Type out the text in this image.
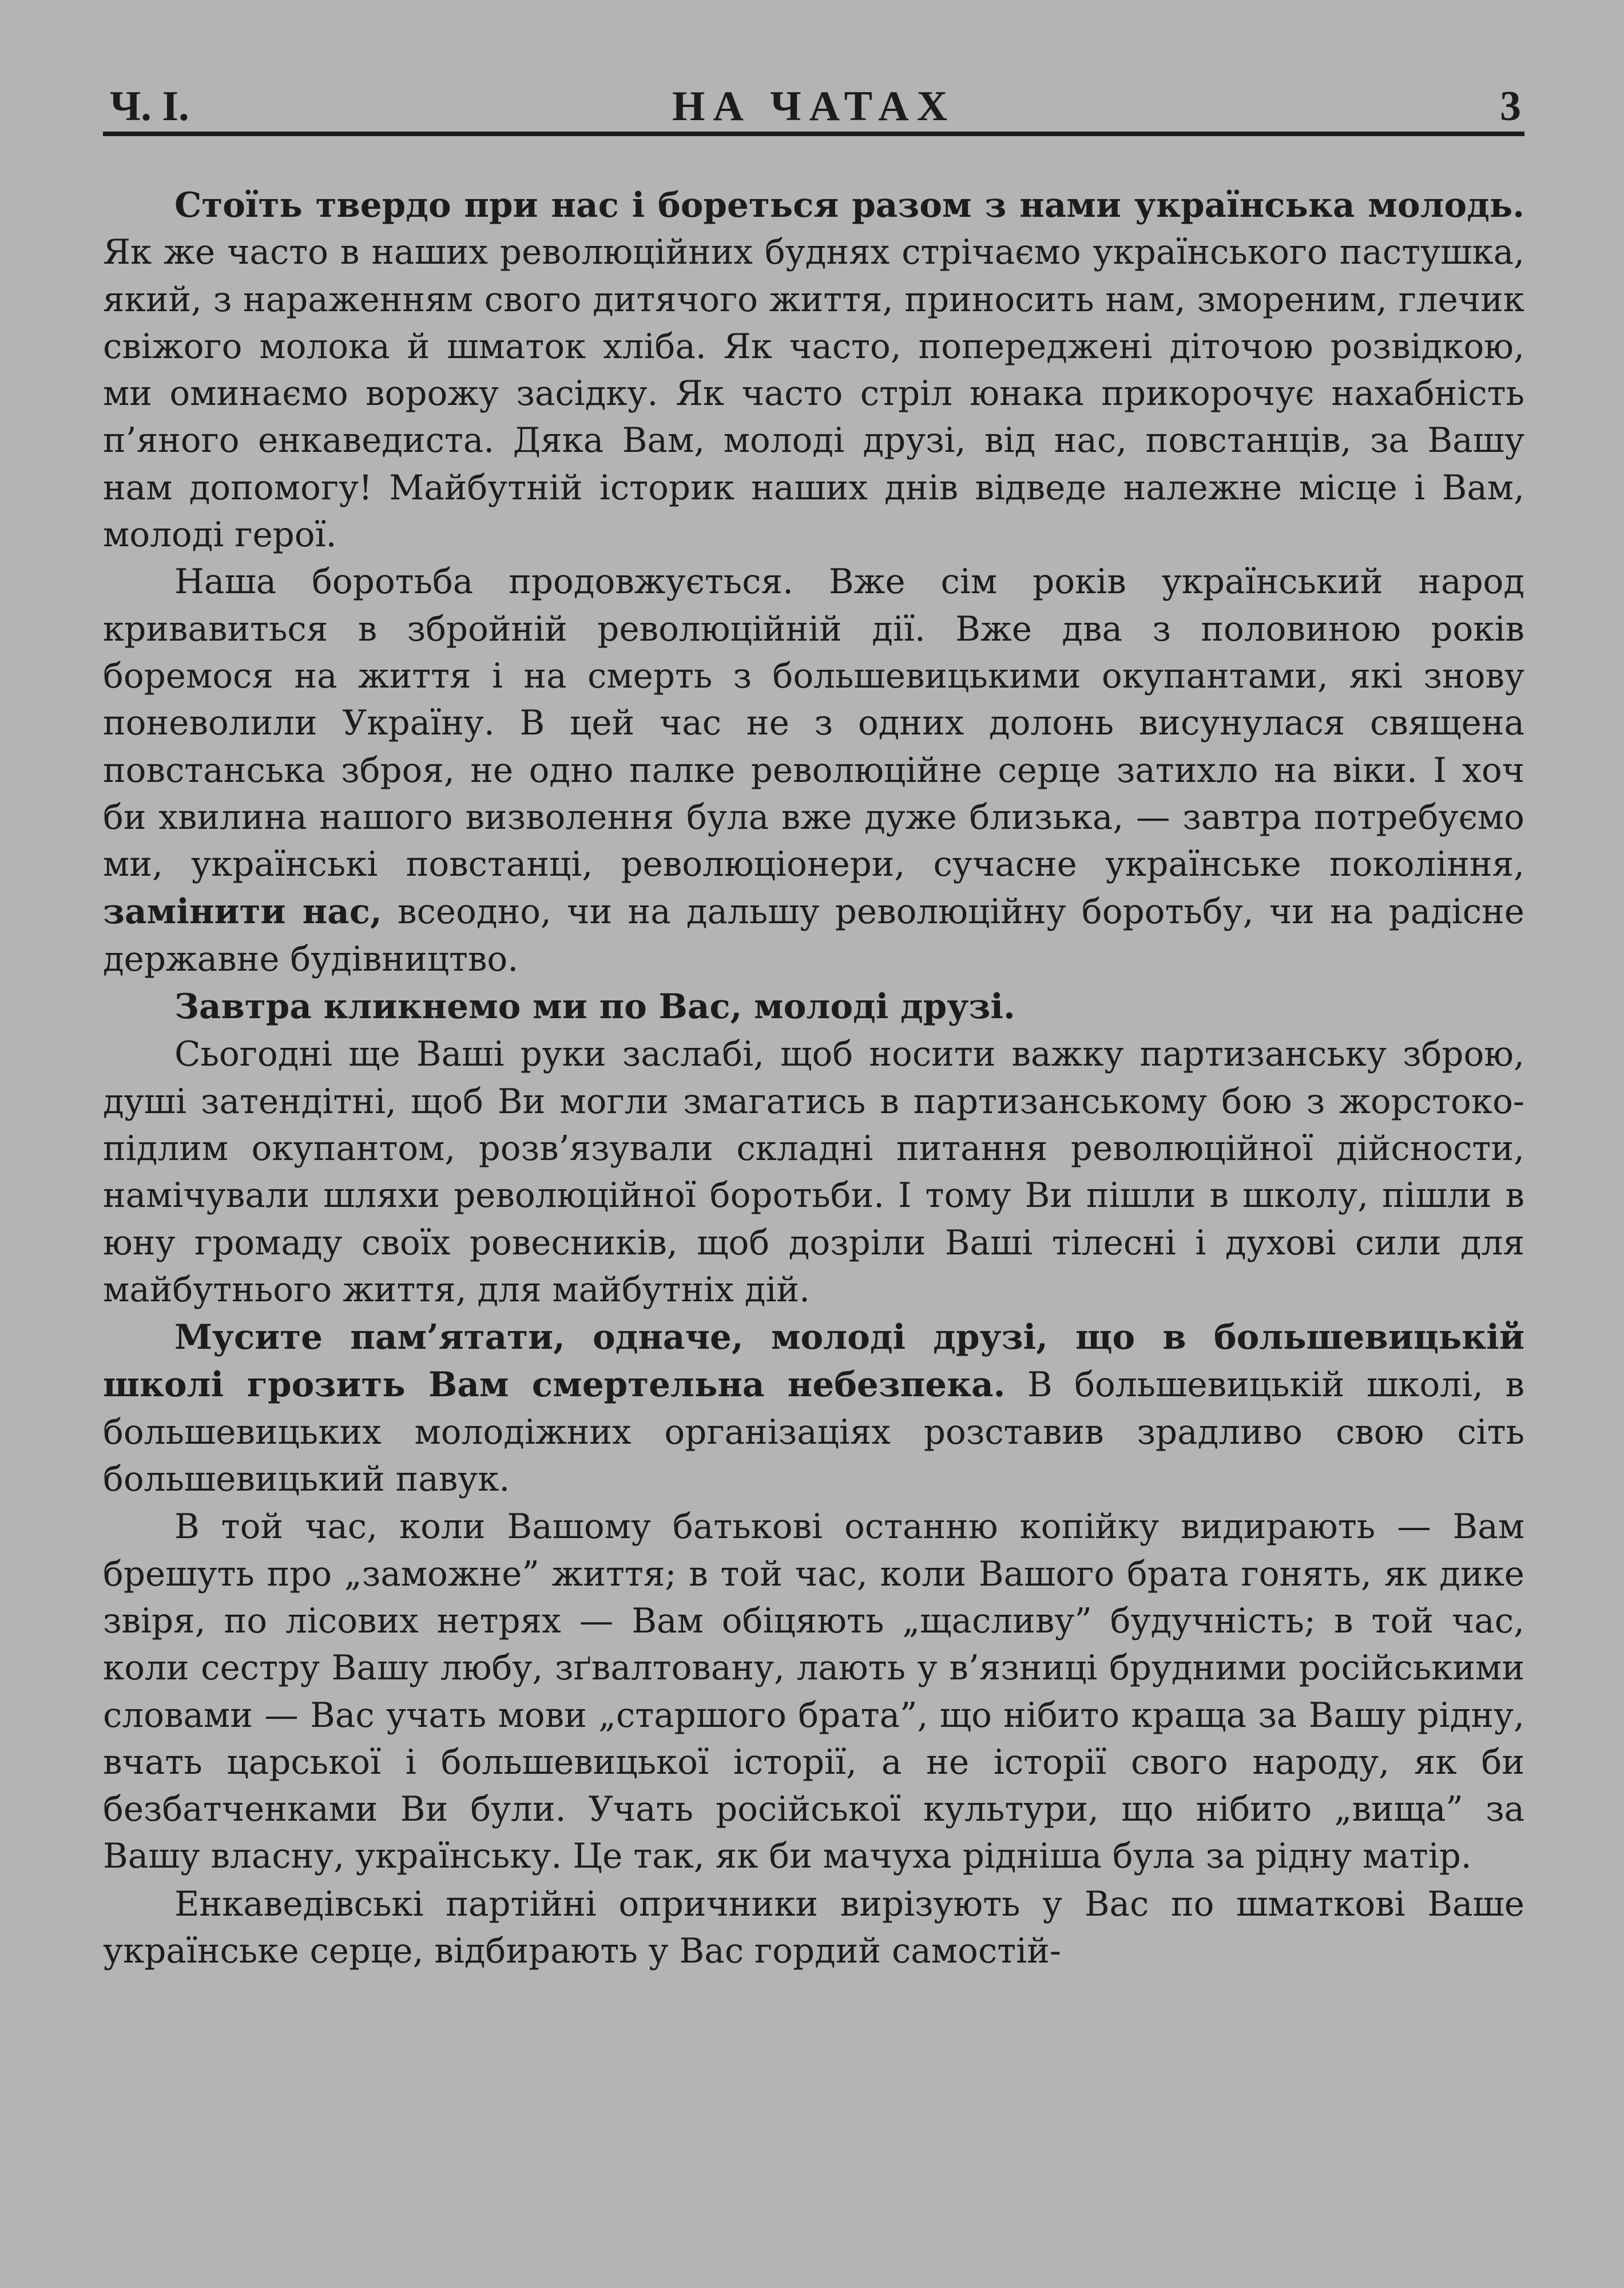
Ч. І.	НА ЧАТАХ	3

Стоїть твердо при нас і бореться разом з нами українська молодь. Як же часто в наших революційних буднях стрічаємо українського пастушка, який, з нараженням свого дитячого життя, приносить нам, змореним, глечик свіжого молока й шматок хліба. Як часто, попереджені діточою розвідкою, ми оминаємо ворожу засідку. Як часто стріл юнака прикорочує нахабність п’яного енкаведиста. Дяка Вам, молоді друзі, від нас, повстанців, за Вашу нам допомогу! Майбутній історик наших днів відведе належне місце і Вам, молоді герої.

Наша боротьба продовжується. Вже сім років український народ кривавиться в збройній революційній дії. Вже два з половиною років боремося на життя і на смерть з большевицькими окупантами, які знову поневолили Україну. В цей час не з одних долонь висунулася священа повстанська зброя, не одно палке революційне серце затихло на віки. І хоч би хвилина нашого визволення була вже дуже близька, — завтра потребуємо ми, українські повстанці, революціонери, сучасне українське покоління, замінити нас, всеодно, чи на дальшу революційну боротьбу, чи на радісне державне будівництво.

Завтра кликнемо ми по Вас, молоді друзі.

Сьогодні ще Ваші руки заслабі, щоб носити важку партизанську зброю, душі затендітні, щоб Ви могли змагатись в партизанському бою з жорстоко-підлим окупантом, розв’язували складні питання революційної дійсности, намічували шляхи революційної боротьби. І тому Ви пішли в школу, пішли в юну громаду своїх ровесників, щоб дозріли Ваші тілесні і духові сили для майбутнього життя, для майбутніх дій.

Мусите пам’ятати, одначе, молоді друзі, що в большевицькій школі грозить Вам смертельна небезпека. В большевицькій школі, в большевицьких молодіжних організаціях розставив зрадливо свою сіть большевицький павук.

В той час, коли Вашому батькові останню копійку видирають — Вам брешуть про „заможне” життя; в той час, коли Вашого брата гонять, як дике звіря, по лісових нетрях — Вам обіцяють „щасливу” будучність; в той час, коли сестру Вашу любу, зґвалтовану, лають у в’язниці брудними російськими словами — Вас учать мови „старшого брата”, що нібито краща за Вашу рідну, вчать царської і большевицької історії, а не історії свого народу, як би безбатченками Ви були. Учать російської культури, що нібито „вища” за Вашу власну, українську. Це так, як би мачуха рідніша була за рідну матір.

Енкаведівські партійні опричники вирізують у Вас по шматкові Ваше українське серце, відбирають у Вас гордий самостій-
